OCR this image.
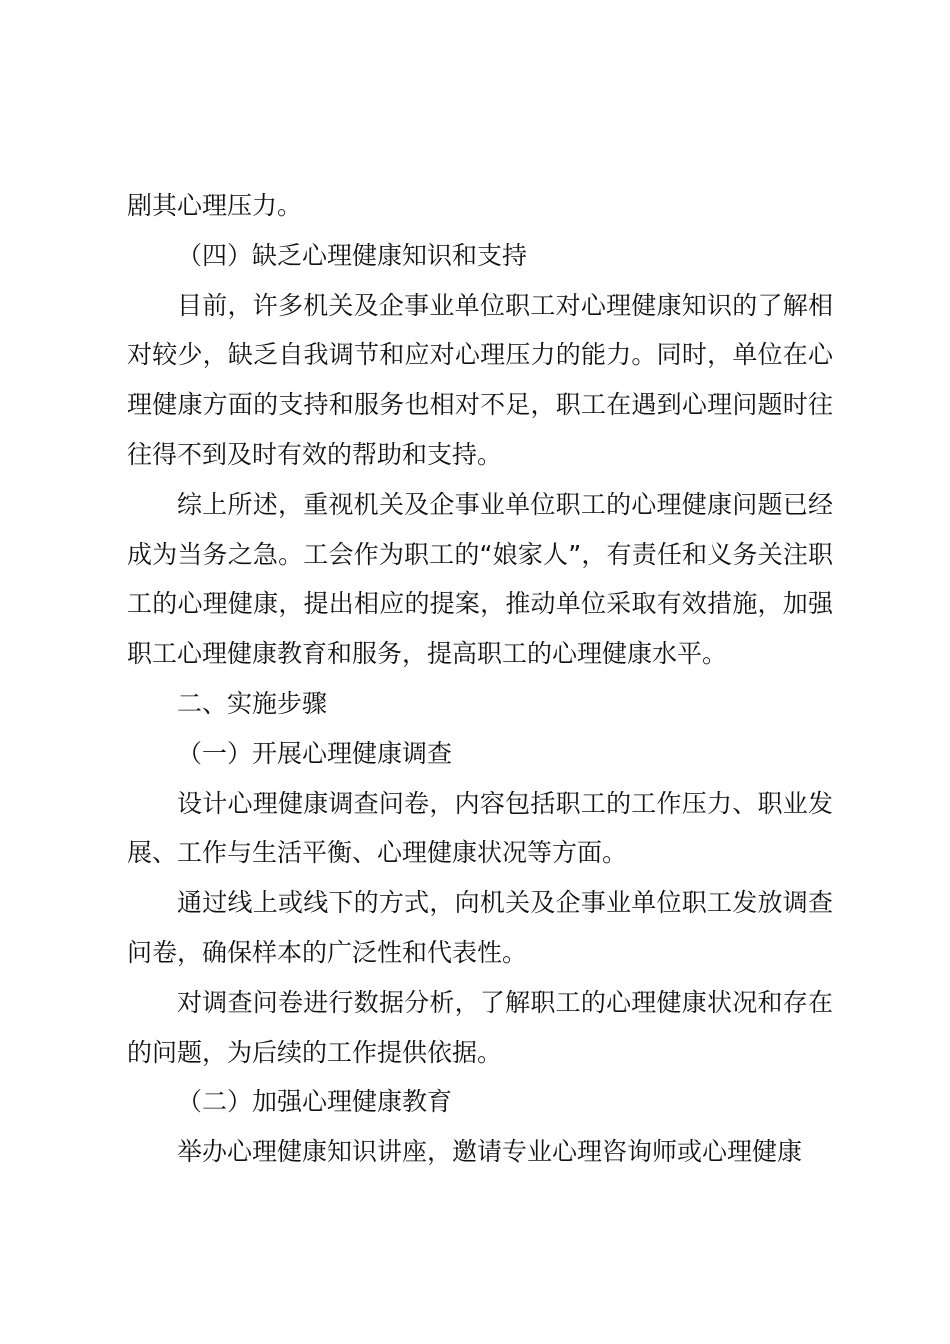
剧其心理压力。

（四）缺乏心理健康知识和支持

目前，许多机关及企事业单位职工对心理健康知识的了解相对较少，缺乏自我调节和应对心理压力的能力。同时，单位在心理健康方面的支持和服务也相对不足，职工在遇到心理问题时往往得不到及时有效的帮助和支持。

综上所述，重视机关及企事业单位职工的心理健康问题已经成为当务之急。工会作为职工的“娘家人”，有责任和义务关注职工的心理健康，提出相应的提案，推动单位采取有效措施，加强职工心理健康教育和服务，提高职工的心理健康水平。

二、实施步骤

（一）开展心理健康调查

设计心理健康调查问卷，内容包括职工的工作压力、职业发展、工作与生活平衡、心理健康状况等方面。

通过线上或线下的方式，向机关及企事业单位职工发放调查问卷，确保样本的广泛性和代表性。

对调查问卷进行数据分析，了解职工的心理健康状况和存在的问题，为后续的工作提供依据。

（二）加强心理健康教育

举办心理健康知识讲座，邀请专业心理咨询师或心理健康
